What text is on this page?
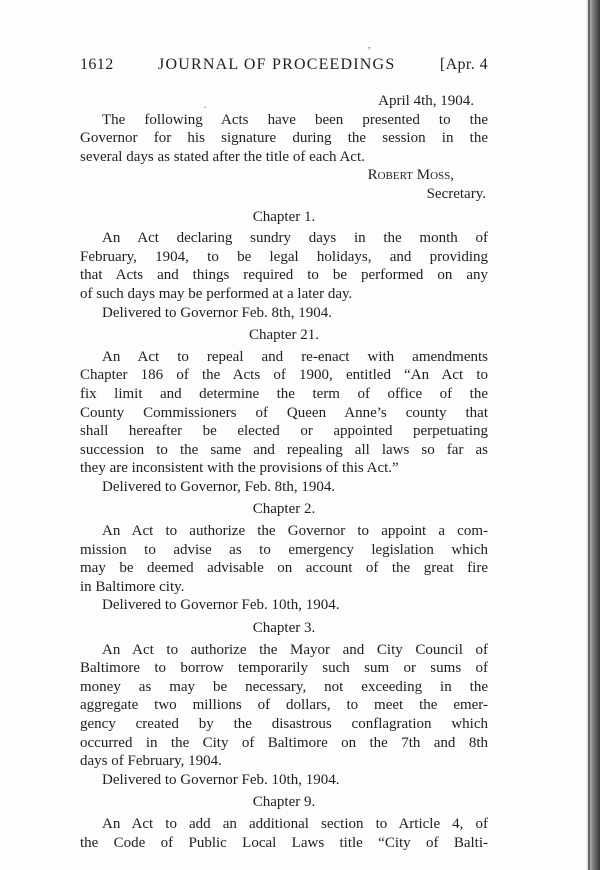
,
.
1612	JOURNAL OF PROCEEDINGS	[Apr. 4
April 4th, 1904.
The following Acts have been presented to the
Governor for his signature during the session in the
several days as stated after the title of each Act.
Robert Moss,
Secretary.
Chapter 1.
An Act declaring sundry days in the month of
February, 1904, to be legal holidays, and providing
that Acts and things required to be performed on any
of such days may be performed at a later day.
Delivered to Governor Feb. 8th, 1904.
Chapter 21.
An Act to repeal and re-enact with amendments
Chapter 186 of the Acts of 1900, entitled “An Act to
fix limit and determine the term of office of the
County Commissioners of Queen Anne’s county that
shall hereafter be elected or appointed perpetuating
succession to the same and repealing all laws so far as
they are inconsistent with the provisions of this Act.”
Delivered to Governor, Feb. 8th, 1904.
Chapter 2.
An Act to authorize the Governor to appoint a com-
mission to advise as to emergency legislation which
may be deemed advisable on account of the great fire
in Baltimore city.
Delivered to Governor Feb. 10th, 1904.
Chapter 3.
An Act to authorize the Mayor and City Council of
Baltimore to borrow temporarily such sum or sums of
money as may be necessary, not exceeding in the
aggregate two millions of dollars, to meet the emer-
gency created by the disastrous conflagration which
occurred in the City of Baltimore on the 7th and 8th
days of February, 1904.
Delivered to Governor Feb. 10th, 1904.
Chapter 9.
An Act to add an additional section to Article 4, of
the Code of Public Local Laws title “City of Balti-
